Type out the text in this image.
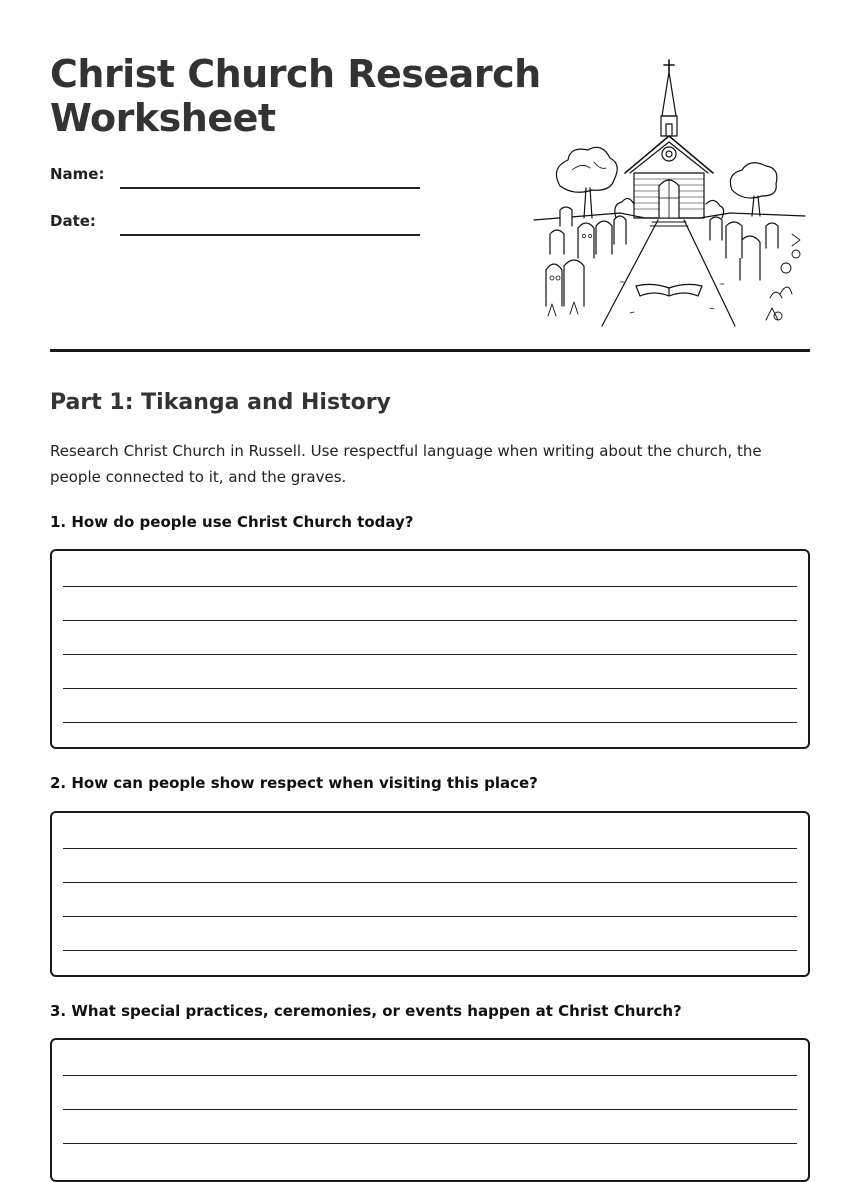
Christ Church Research
Worksheet
Name:
Date:
Part 1: Tikanga and History

Research Christ Church in Russell. Use respectful language when writing about the church, the people connected to it, and the graves.

1. How do people use Christ Church today?

2. How can people show respect when visiting this place?

3. What special practices, ceremonies, or events happen at Christ Church?
